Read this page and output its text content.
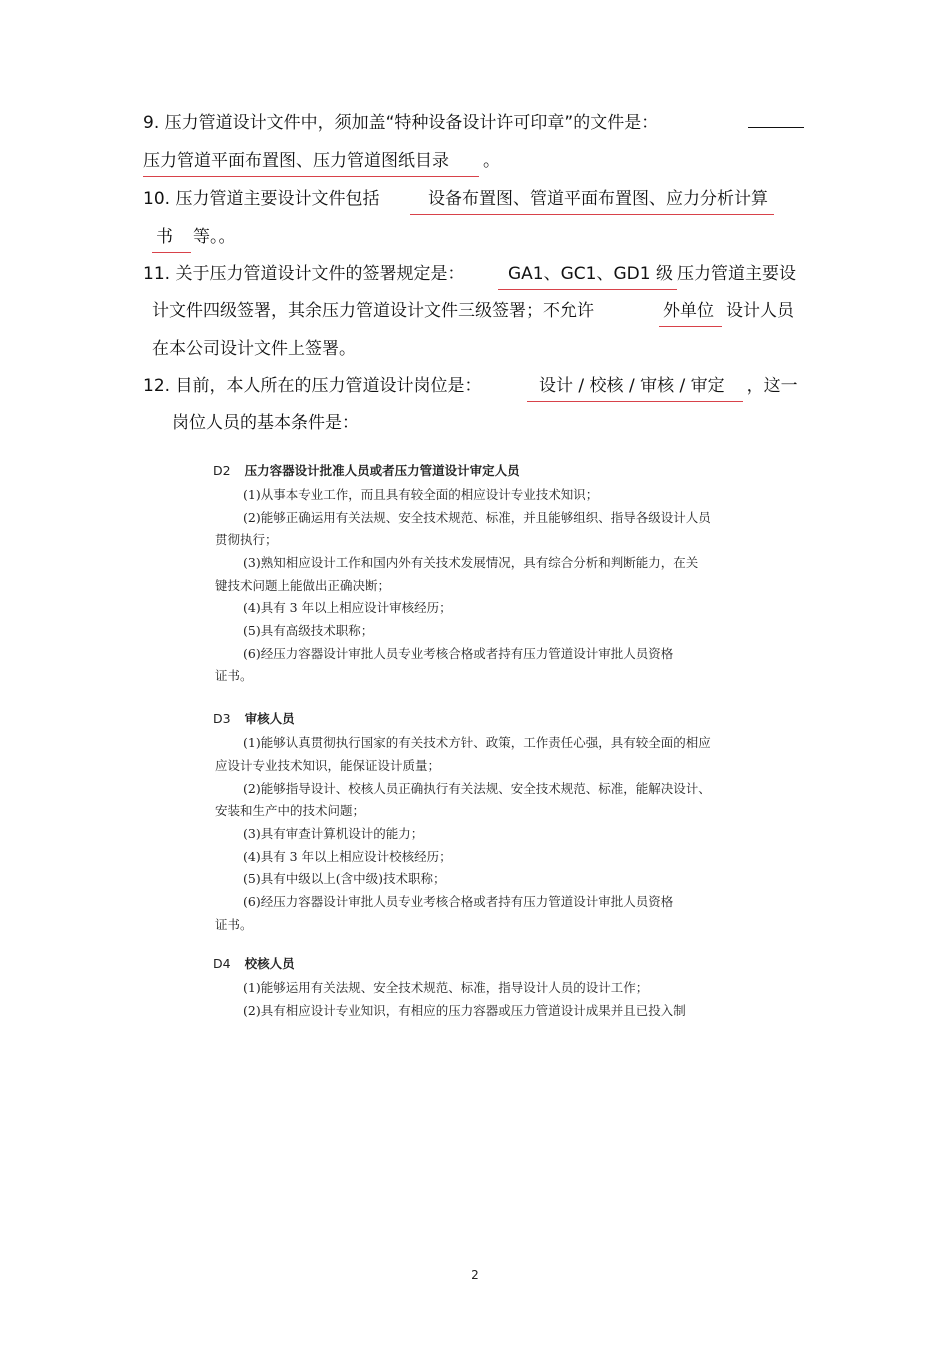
9. 压力管道设计文件中，须加盖“特种设备设计许可印章”的文件是：
压力管道平面布置图、压力管道图纸目录 。
10. 压力管道主要设计文件包括	设备布置图、管道平面布置图、应力分析计算
书 等。。
11. 关于压力管道设计文件的签署规定是：	GA1、GC1、GD1 级 压力管道主要设
计文件四级签署，其余压力管道设计文件三级签署；不允许	外单位 设计人员
在本公司设计文件上签署。
12. 目前，本人所在的压力管道设计岗位是：	设计 / 校核 / 审核 / 审定 ，这一
岗位人员的基本条件是：
D2 压力容器设计批准人员或者压力管道设计审定人员
(1)从事本专业工作，而且具有较全面的相应设计专业技术知识；
(2)能够正确运用有关法规、安全技术规范、标准，并且能够组织、指导各级设计人员
贯彻执行；
(3)熟知相应设计工作和国内外有关技术发展情况，具有综合分析和判断能力，在关
键技术问题上能做出正确决断；
(4)具有 3 年以上相应设计审核经历；
(5)具有高级技术职称；
(6)经压力容器设计审批人员专业考核合格或者持有压力管道设计审批人员资格
证书。
D3 审核人员
(1)能够认真贯彻执行国家的有关技术方针、政策，工作责任心强，具有较全面的相应
应设计专业技术知识，能保证设计质量；
(2)能够指导设计、校核人员正确执行有关法规、安全技术规范、标准，能解决设计、
安装和生产中的技术问题；
(3)具有审查计算机设计的能力；
(4)具有 3 年以上相应设计校核经历；
(5)具有中级以上(含中级)技术职称；
(6)经压力容器设计审批人员专业考核合格或者持有压力管道设计审批人员资格
证书。
D4 校核人员
(1)能够运用有关法规、安全技术规范、标准，指导设计人员的设计工作；
(2)具有相应设计专业知识，有相应的压力容器或压力管道设计成果并且已投入制
2
